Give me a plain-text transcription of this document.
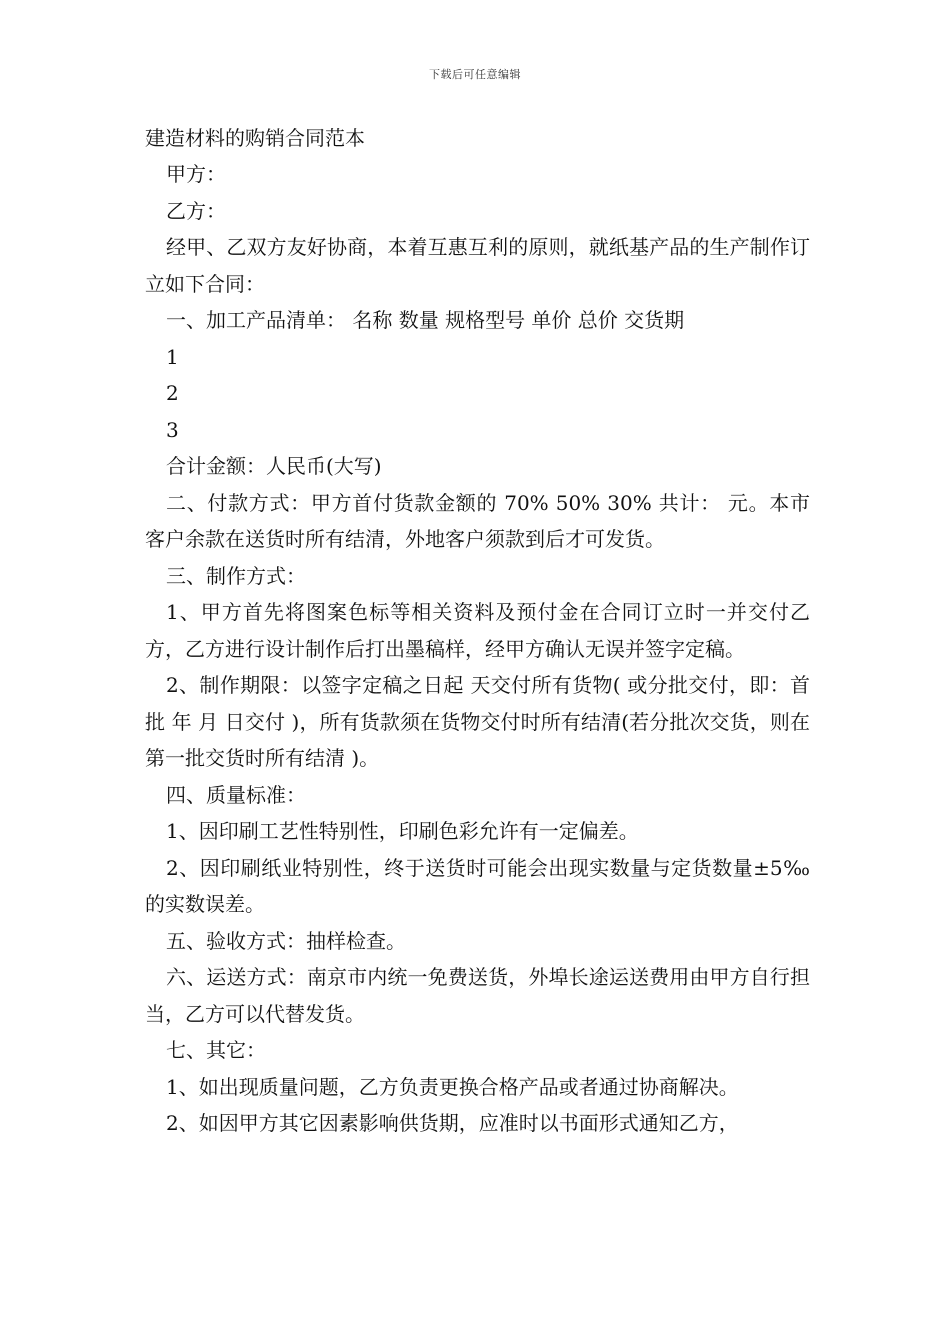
下载后可任意编辑

建造材料的购销合同范本

甲方：

乙方：

经甲、乙双方友好协商，本着互惠互利的原则，就纸基产品的生产制作订立如下合同：

一、加工产品清单： 名称 数量 规格型号 单价 总价 交货期

1

2

3

合计金额：人民币(大写)

二、付款方式：甲方首付货款金额的 70% 50% 30% 共计： 元。本市客户余款在送货时所有结清，外地客户须款到后才可发货。

三、制作方式：

1、甲方首先将图案色标等相关资料及预付金在合同订立时一并交付乙方，乙方进行设计制作后打出墨稿样，经甲方确认无误并签字定稿。

2、制作期限：以签字定稿之日起 天交付所有货物( 或分批交付，即：首批 年 月 日交付 )，所有货款须在货物交付时所有结清(若分批次交货，则在第一批交货时所有结清 )。

四、质量标准：

1、因印刷工艺性特别性，印刷色彩允许有一定偏差。

2、因印刷纸业特别性，终于送货时可能会出现实数量与定货数量±5‰的实数误差。

五、验收方式：抽样检查。

六、运送方式：南京市内统一免费送货，外埠长途运送费用由甲方自行担当，乙方可以代替发货。

七、其它：

1、如出现质量问题，乙方负责更换合格产品或者通过协商解决。

2、如因甲方其它因素影响供货期，应准时以书面形式通知乙方，
